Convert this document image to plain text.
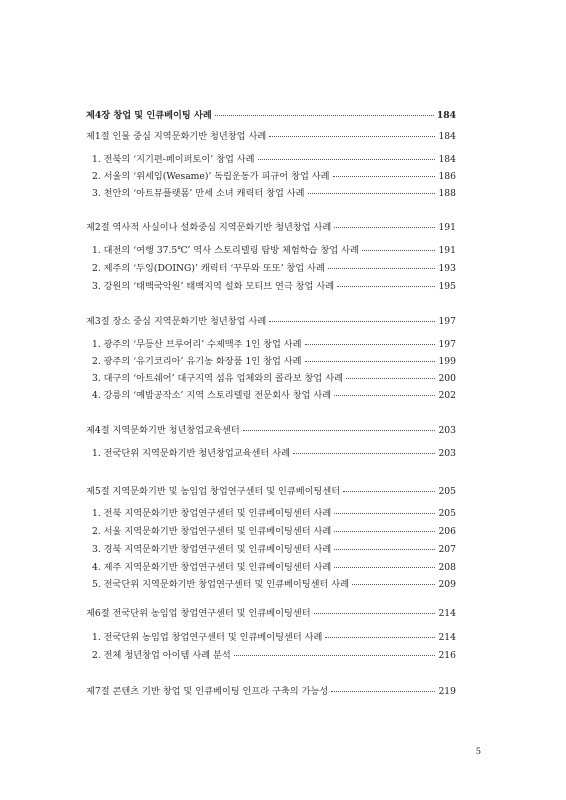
제4장 창업 및 인큐베이팅 사례	184
제1절 인물 중심 지역문화기반 청년창업 사례	184
1. 전북의 ‘지기편-페이퍼토이’ 창업 사례	184
2. 서울의 ‘위세임(Wesame)’ 독립운동가 피규어 창업 사례	186
3. 천안의 ‘아트뮤플랫폼’ 만세 소녀 캐릭터 창업 사례	188
제2절 역사적 사실이나 설화중심 지역문화기반 청년창업 사례	191
1. 대전의 ‘여행 37.5℃’ 역사 스토리텔링 탐방 체험학습 창업 사례	191
2. 제주의 ‘두잉(DOING)’ 캐릭터 ‘꾸무와 또또’ 창업 사례	193
3. 강원의 ‘태백국악원’ 태백지역 설화 모티브 연극 창업 사례	195
제3절 장소 중심 지역문화기반 청년창업 사례	197
1. 광주의 ‘무등산 브루어리’ 수제맥주 1인 창업 사례	197
2. 광주의 ‘유기코리아’ 유기농 화장품 1인 창업 사례	199
3. 대구의 ‘아트쉐어’ 대구지역 섬유 업체와의 콜라보 창업 사례	200
4. 강릉의 ‘예밥공작소’ 지역 스토리텔링 전문회사 창업 사례	202
제4절 지역문화기반 청년창업교육센터	203
1. 전국단위 지역문화기반 청년창업교육센터 사례	203
제5절 지역문화기반 및 농임업 창업연구센터 및 인큐베이팅센터	205
1. 전북 지역문화기반 창업연구센터 및 인큐베이팅센터 사례	205
2. 서울 지역문화기반 창업연구센터 및 인큐베이팅센터 사례	206
3. 경북 지역문화기반 창업연구센터 및 인큐베이팅센터 사례	207
4. 제주 지역문화기반 창업연구센터 및 인큐베이팅센터 사례	208
5. 전국단위 지역문화기반 창업연구센터 및 인큐베이팅센터 사례	209
제6절 전국단위 농임업 창업연구센터 및 인큐베이팅센터	214
1. 전국단위 농임업 창업연구센터 및 인큐베이팅센터 사례	214
2. 전체 청년창업 아이템 사례 분석	216
제7절 콘텐츠 기반 창업 및 인큐베이팅 인프라 구축의 가능성	219
5
